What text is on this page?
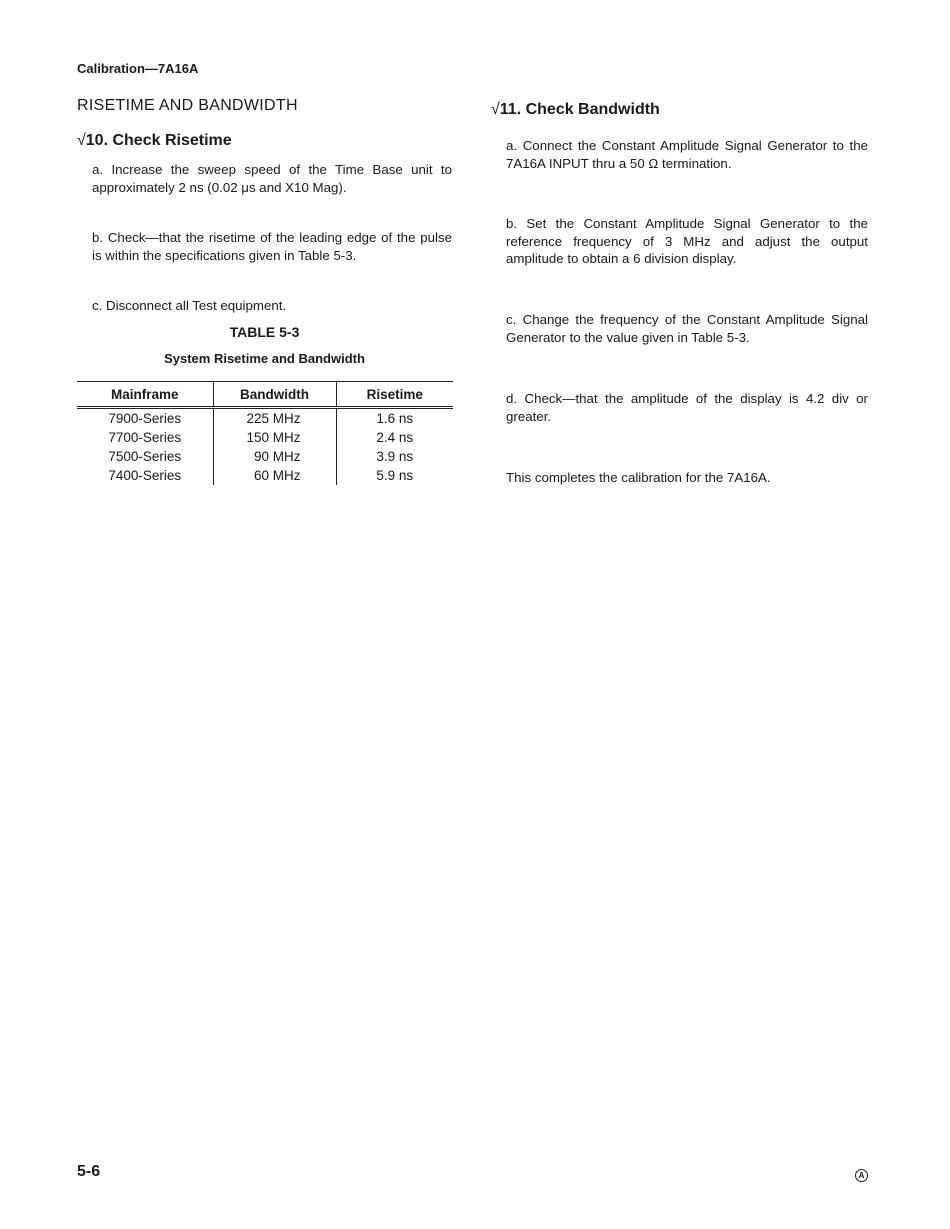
Calibration—7A16A
RISETIME AND BANDWIDTH
√10. Check Risetime
a. Increase the sweep speed of the Time Base unit to approximately 2 ns (0.02 μs and X10 Mag).
b. Check—that the risetime of the leading edge of the pulse is within the specifications given in Table 5-3.
c. Disconnect all Test equipment.
TABLE 5-3
System Risetime and Bandwidth
Mainframe	Bandwidth	Risetime
7900-Series	225 MHz	1.6 ns
7700-Series	150 MHz	2.4 ns
7500-Series	90 MHz	3.9 ns
7400-Series	60 MHz	5.9 ns
√11. Check Bandwidth
a. Connect the Constant Amplitude Signal Generator to the 7A16A INPUT thru a 50 Ω termination.
b. Set the Constant Amplitude Signal Generator to the reference frequency of 3 MHz and adjust the output amplitude to obtain a 6 division display.
c. Change the frequency of the Constant Amplitude Signal Generator to the value given in Table 5-3.
d. Check—that the amplitude of the display is 4.2 div or greater.
This completes the calibration for the 7A16A.
5-6	A
